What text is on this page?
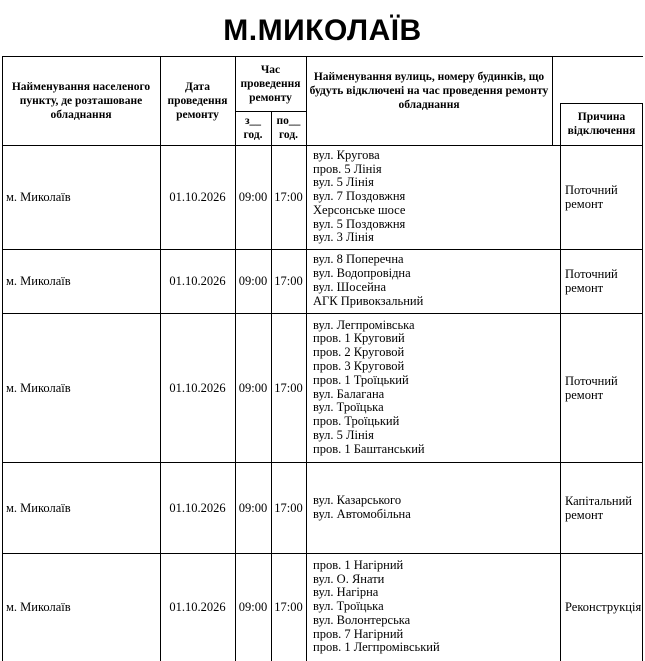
М.МИКОЛАЇВ
Найменування населеного пункту, де розташоване обладнання
Дата проведення ремонту
Час проведення ремонту
з__ год.
по__ год.
Найменування вулиць, номеру будинків, що будуть відключені на час проведення ремонту обладнання
Причина відключення
м. Миколаїв	01.10.2026	09:00 17:00
вул. Кругова
пров. 5 Лінія
вул. 5 Лінія
вул. 7 Поздовжня
Херсонське шосе
вул. 5 Поздовжня
вул. 3 Лінія
Поточний ремонт
м. Миколаїв	01.10.2026	09:00 17:00
вул. 8 Поперечна
вул. Водопровідна
вул. Шосейна
АГК Привокзальний
Поточний ремонт
м. Миколаїв	01.10.2026	09:00 17:00
вул. Легпромівська
пров. 1 Круговий
пров. 2 Круговой
пров. 3 Круговой
пров. 1 Троїцький
вул. Балагана
вул. Троїцька
пров. Троїцький
вул. 5 Лінія
пров. 1 Баштанський
Поточний ремонт
м. Миколаїв	01.10.2026	09:00 17:00
вул. Казарського
вул. Автомобільна
Капітальний ремонт
м. Миколаїв	01.10.2026	09:00 17:00
пров. 1 Нагірний
вул. О. Янати
вул. Нагірна
вул. Троїцька
вул. Волонтерська
пров. 7 Нагірний
пров. 1 Легпромівський
Реконструкція
